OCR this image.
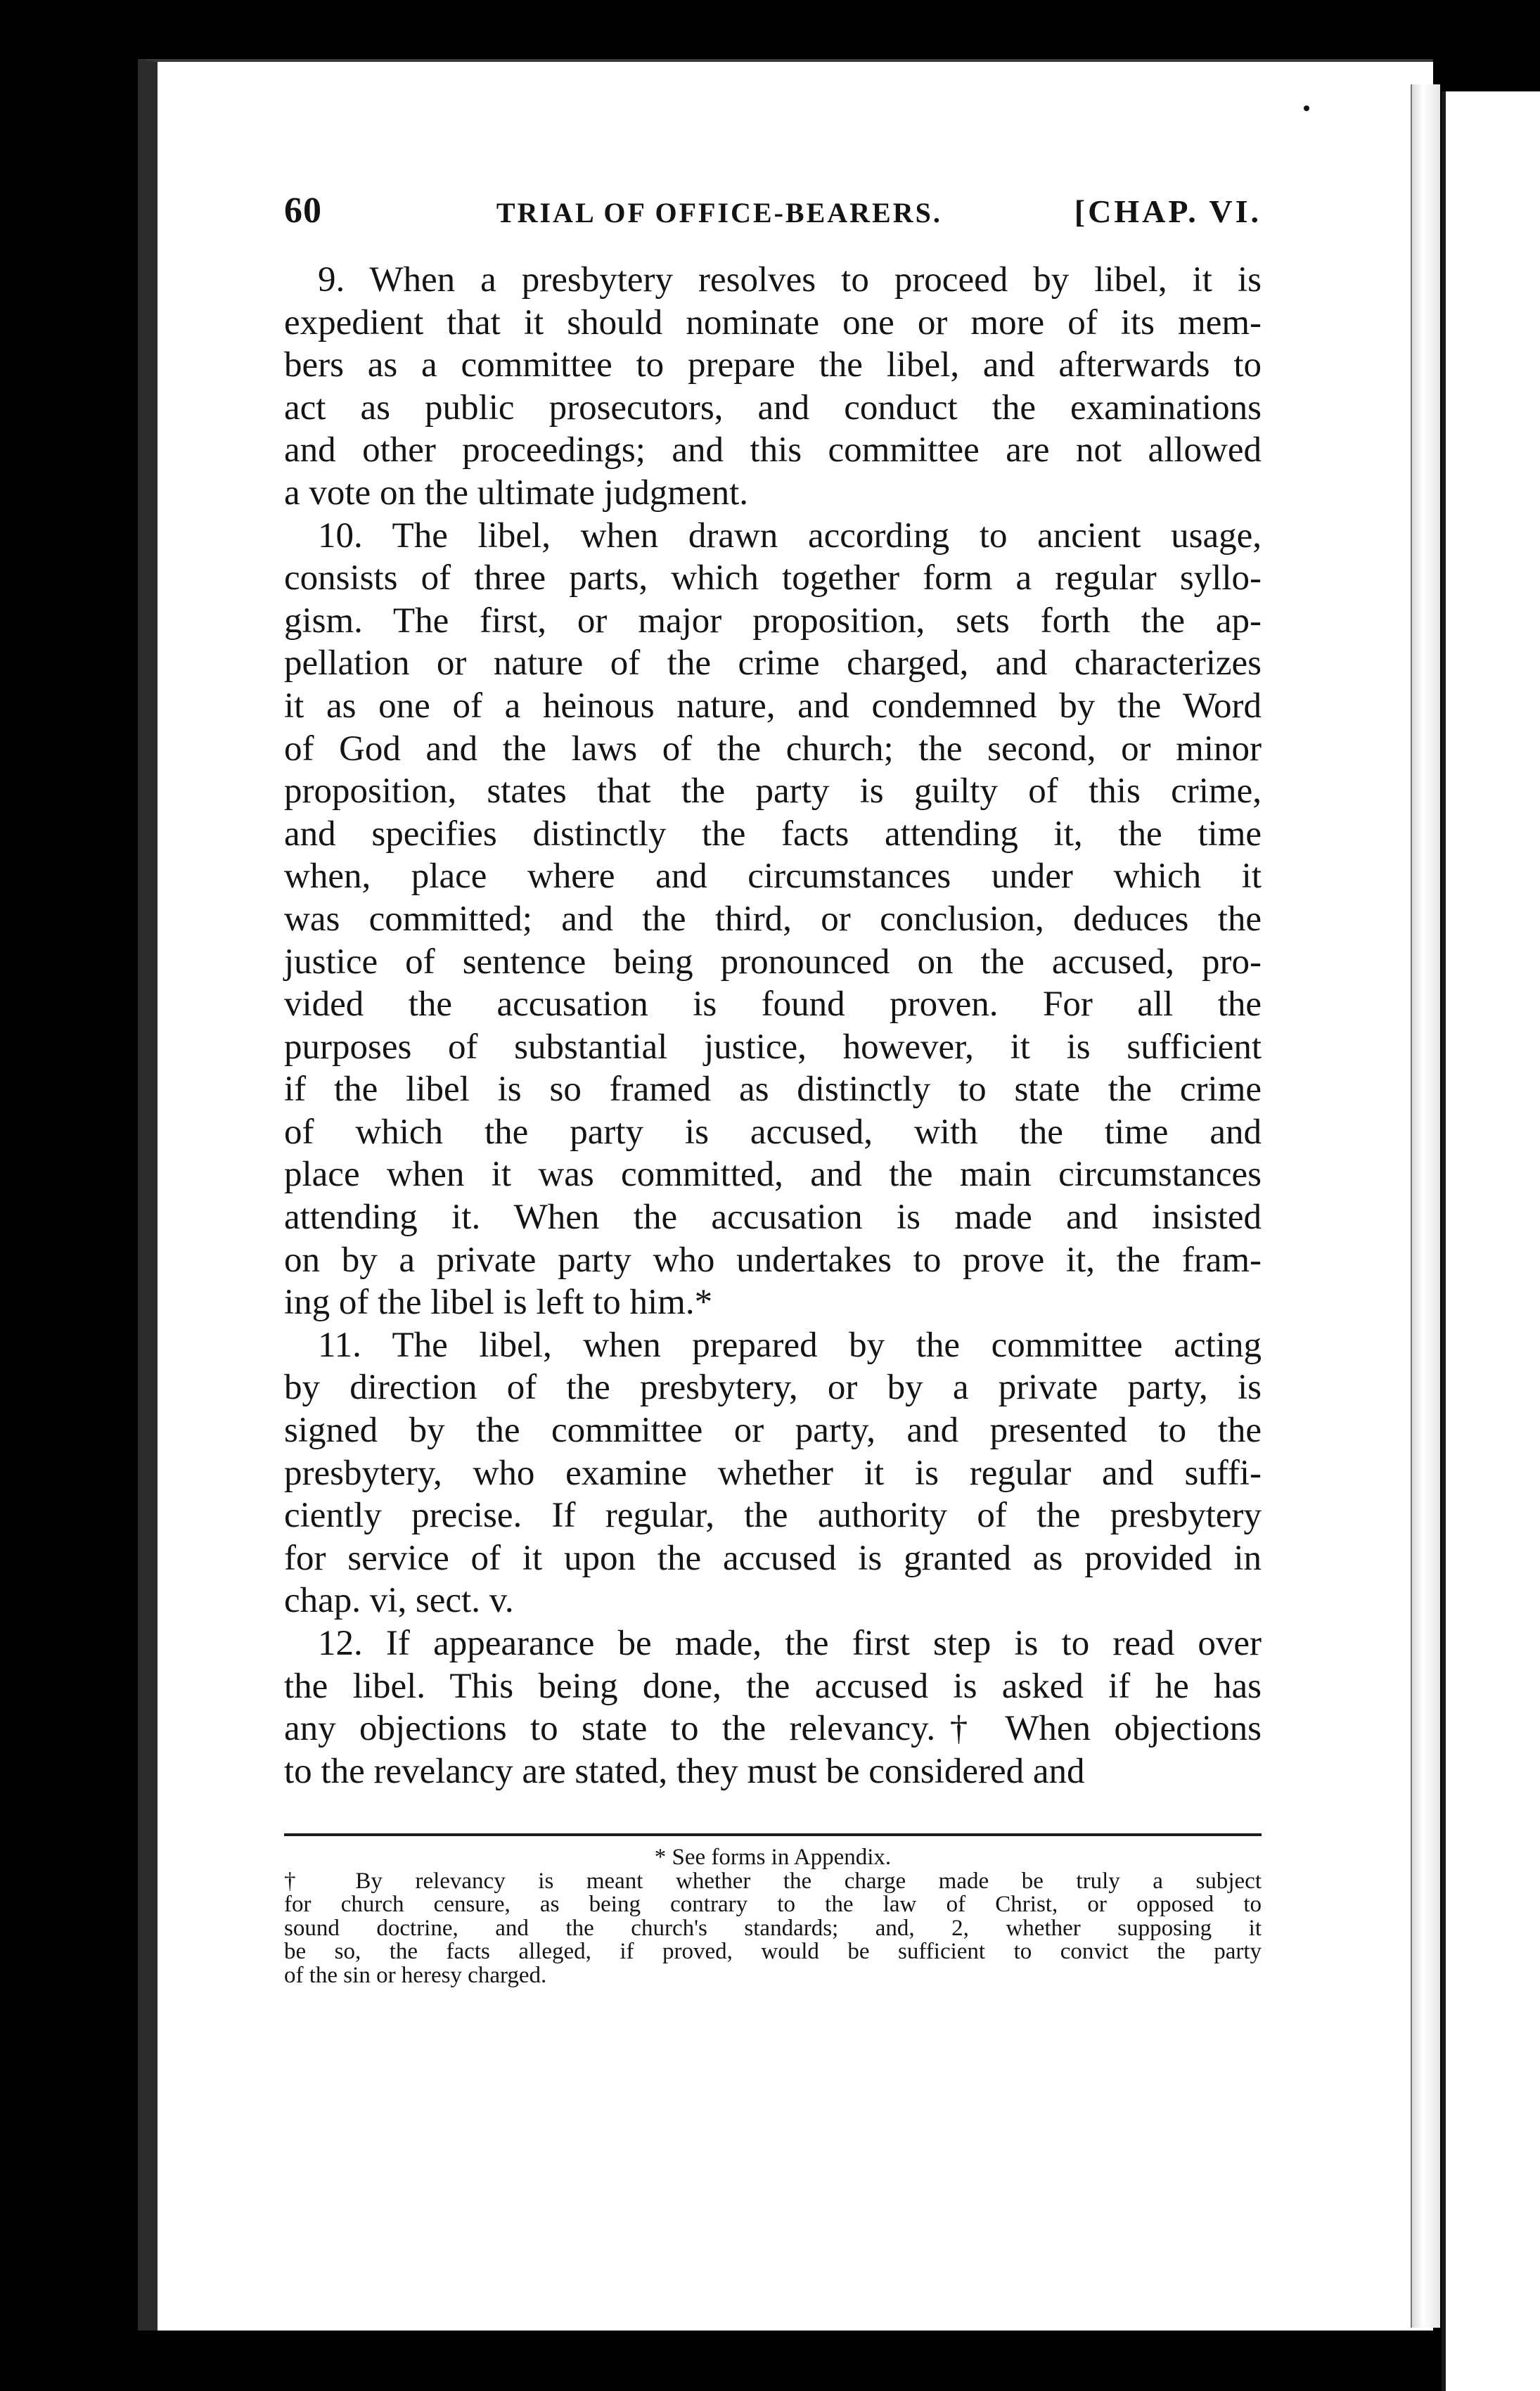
60	TRIAL OF OFFICE-BEARERS.	[CHAP. VI.
9. When a presbytery resolves to proceed by libel, it is
expedient that it should nominate one or more of its mem-
bers as a committee to prepare the libel, and afterwards to
act as public prosecutors, and conduct the examinations
and other proceedings; and this committee are not allowed
a vote on the ultimate judgment.
10. The libel, when drawn according to ancient usage,
consists of three parts, which together form a regular syllo-
gism. The first, or major proposition, sets forth the ap-
pellation or nature of the crime charged, and characterizes
it as one of a heinous nature, and condemned by the Word
of God and the laws of the church; the second, or minor
proposition, states that the party is guilty of this crime,
and specifies distinctly the facts attending it, the time
when, place where and circumstances under which it
was committed; and the third, or conclusion, deduces the
justice of sentence being pronounced on the accused, pro-
vided the accusation is found proven. For all the
purposes of substantial justice, however, it is sufficient
if the libel is so framed as distinctly to state the crime
of which the party is accused, with the time and
place when it was committed, and the main circumstances
attending it. When the accusation is made and insisted
on by a private party who undertakes to prove it, the fram-
ing of the libel is left to him.*
11. The libel, when prepared by the committee acting
by direction of the presbytery, or by a private party, is
signed by the committee or party, and presented to the
presbytery, who examine whether it is regular and suffi-
ciently precise. If regular, the authority of the presbytery
for service of it upon the accused is granted as provided in
chap. vi, sect. v.
12. If appearance be made, the first step is to read over
the libel. This being done, the accused is asked if he has
any objections to state to the relevancy.† When objections
to the revelancy are stated, they must be considered and
* See forms in Appendix.
† By relevancy is meant whether the charge made be truly a subject
for church censure, as being contrary to the law of Christ, or opposed to
sound doctrine, and the church's standards; and, 2, whether supposing it
be so, the facts alleged, if proved, would be sufficient to convict the party
of the sin or heresy charged.
